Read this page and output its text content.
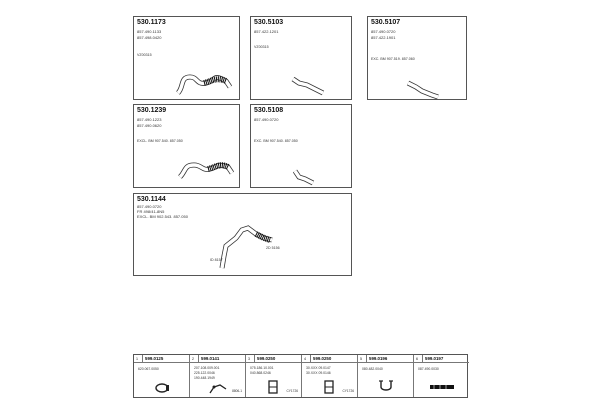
530.1173
857.490.1133
857.498.0420
VZ00315
530.5103
857.422.1201
VZ00315
530.5107
857.490.0720
857.422.1901
EXC. BM 907.519. 857.060
530.1239
857.490.1223
857.490.0620
EXCL. BM 907.540. 857.050
530.5108
857.490.0720
EXC. BM 907.540. 857.050
530.1144
857.490.0720
FR 498/41-8N5
EXCL. BM 902.543. 857.050
2D 5156
ID 8157
1 599.0125
620.067.0050
2 599.0141
207.108.009.001
225.122.0046
190.448.1949
8806-1
3 599.0250
075.186.10.001
040.868.0246
CY1726
4 599.0250
30.XXX 09.0147
30.XXX 09.0146
CY1726
5 599.0196
080.482.0040
6 599.0197
087.490.0030
